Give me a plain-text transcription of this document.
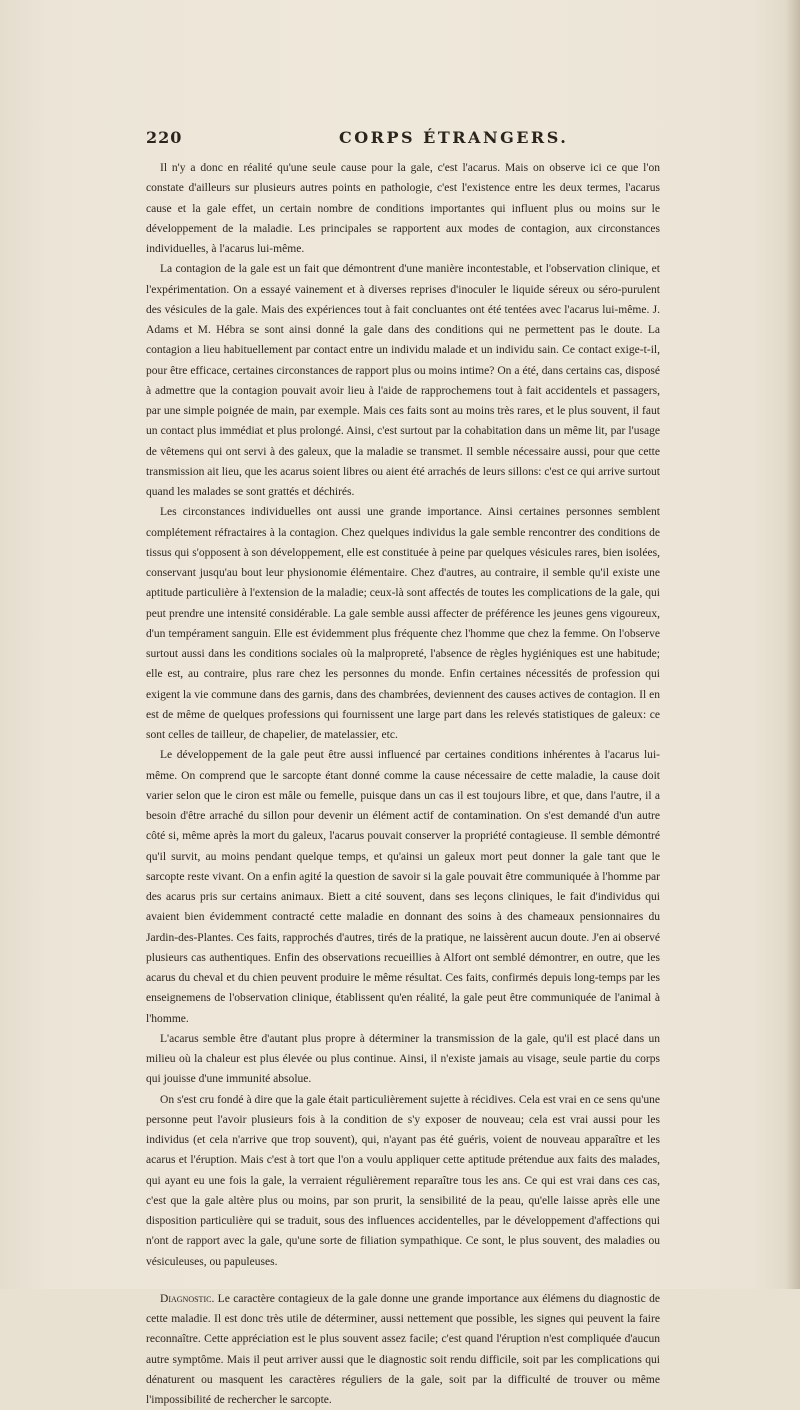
220	CORPS ÉTRANGERS.

Il n'y a donc en réalité qu'une seule cause pour la gale, c'est l'acarus. Mais on observe ici ce que l'on constate d'ailleurs sur plusieurs autres points en pathologie, c'est l'existence entre les deux termes, l'acarus cause et la gale effet, un certain nombre de conditions importantes qui influent plus ou moins sur le développement de la maladie. Les principales se rapportent aux modes de contagion, aux circonstances individuelles, à l'acarus lui-même.

La contagion de la gale est un fait que démontrent d'une manière incontestable, et l'observation clinique, et l'expérimentation. On a essayé vainement et à diverses reprises d'inoculer le liquide séreux ou séro-purulent des vésicules de la gale. Mais des expériences tout à fait concluantes ont été tentées avec l'acarus lui-même. J. Adams et M. Hébra se sont ainsi donné la gale dans des conditions qui ne permettent pas le doute. La contagion a lieu habituellement par contact entre un individu malade et un individu sain. Ce contact exige-t-il, pour être efficace, certaines circonstances de rapport plus ou moins intime? On a été, dans certains cas, disposé à admettre que la contagion pouvait avoir lieu à l'aide de rapprochemens tout à fait accidentels et passagers, par une simple poignée de main, par exemple. Mais ces faits sont au moins très rares, et le plus souvent, il faut un contact plus immédiat et plus prolongé. Ainsi, c'est surtout par la cohabitation dans un même lit, par l'usage de vêtemens qui ont servi à des galeux, que la maladie se transmet. Il semble nécessaire aussi, pour que cette transmission ait lieu, que les acarus soient libres ou aient été arrachés de leurs sillons: c'est ce qui arrive surtout quand les malades se sont grattés et déchirés.

Les circonstances individuelles ont aussi une grande importance. Ainsi certaines personnes semblent complétement réfractaires à la contagion. Chez quelques individus la gale semble rencontrer des conditions de tissus qui s'opposent à son développement, elle est constituée à peine par quelques vésicules rares, bien isolées, conservant jusqu'au bout leur physionomie élémentaire. Chez d'autres, au contraire, il semble qu'il existe une aptitude particulière à l'extension de la maladie; ceux-là sont affectés de toutes les complications de la gale, qui peut prendre une intensité considérable. La gale semble aussi affecter de préférence les jeunes gens vigoureux, d'un tempérament sanguin. Elle est évidemment plus fréquente chez l'homme que chez la femme. On l'observe surtout aussi dans les conditions sociales où la malpropreté, l'absence de règles hygiéniques est une habitude; elle est, au contraire, plus rare chez les personnes du monde. Enfin certaines nécessités de profession qui exigent la vie commune dans des garnis, dans des chambrées, deviennent des causes actives de contagion. Il en est de même de quelques professions qui fournissent une large part dans les relevés statistiques de galeux: ce sont celles de tailleur, de chapelier, de matelassier, etc.

Le développement de la gale peut être aussi influencé par certaines conditions inhérentes à l'acarus lui-même. On comprend que le sarcopte étant donné comme la cause nécessaire de cette maladie, la cause doit varier selon que le ciron est mâle ou femelle, puisque dans un cas il est toujours libre, et que, dans l'autre, il a besoin d'être arraché du sillon pour devenir un élément actif de contamination. On s'est demandé d'un autre côté si, même après la mort du galeux, l'acarus pouvait conserver la propriété contagieuse. Il semble démontré qu'il survit, au moins pendant quelque temps, et qu'ainsi un galeux mort peut donner la gale tant que le sarcopte reste vivant. On a enfin agité la question de savoir si la gale pouvait être communiquée à l'homme par des acarus pris sur certains animaux. Biett a cité souvent, dans ses leçons cliniques, le fait d'individus qui avaient bien évidemment contracté cette maladie en donnant des soins à des chameaux pensionnaires du Jardin-des-Plantes. Ces faits, rapprochés d'autres, tirés de la pratique, ne laissèrent aucun doute. J'en ai observé plusieurs cas authentiques. Enfin des observations recueillies à Alfort ont semblé démontrer, en outre, que les acarus du cheval et du chien peuvent produire le même résultat. Ces faits, confirmés depuis long-temps par les enseignemens de l'observation clinique, établissent qu'en réalité, la gale peut être communiquée de l'animal à l'homme.

L'acarus semble être d'autant plus propre à déterminer la transmission de la gale, qu'il est placé dans un milieu où la chaleur est plus élevée ou plus continue. Ainsi, il n'existe jamais au visage, seule partie du corps qui jouisse d'une immunité absolue.

On s'est cru fondé à dire que la gale était particulièrement sujette à récidives. Cela est vrai en ce sens qu'une personne peut l'avoir plusieurs fois à la condition de s'y exposer de nouveau; cela est vrai aussi pour les individus (et cela n'arrive que trop souvent), qui, n'ayant pas été guéris, voient de nouveau apparaître et les acarus et l'éruption. Mais c'est à tort que l'on a voulu appliquer cette aptitude prétendue aux faits des malades, qui ayant eu une fois la gale, la verraient régulièrement reparaître tous les ans. Ce qui est vrai dans ces cas, c'est que la gale altère plus ou moins, par son prurit, la sensibilité de la peau, qu'elle laisse après elle une disposition particulière qui se traduit, sous des influences accidentelles, par le développement d'affections qui n'ont de rapport avec la gale, qu'une sorte de filiation sympathique. Ce sont, le plus souvent, des maladies ou vésiculeuses, ou papuleuses.

Diagnostic. Le caractère contagieux de la gale donne une grande importance aux élémens du diagnostic de cette maladie. Il est donc très utile de déterminer, aussi nettement que possible, les signes qui peuvent la faire reconnaître. Cette appréciation est le plus souvent assez facile; c'est quand l'éruption n'est compliquée d'aucun autre symptôme. Mais il peut arriver aussi que le diagnostic soit rendu difficile, soit par les complications qui dénaturent ou masquent les caractères réguliers de la gale, soit par la difficulté de trouver ou même l'impossibilité de rechercher le sarcopte.
